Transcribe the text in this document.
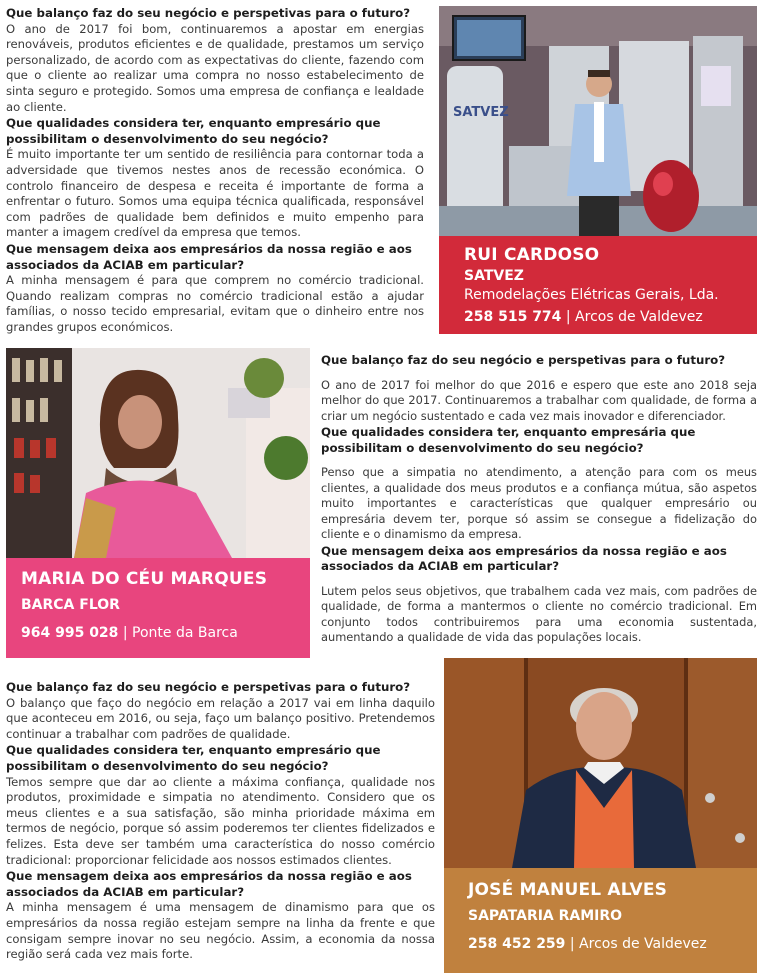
Que balanço faz do seu negócio e perspetivas para o futuro?

O ano de 2017 foi bom, continuaremos a apostar em energias renováveis, produtos eficientes e de qualidade, prestamos um serviço personalizado, de acordo com as expectativas do cliente, fazendo com que o cliente ao realizar uma compra no nosso estabelecimento de sinta seguro e protegido. Somos uma empresa de confiança e lealdade ao cliente.

Que qualidades considera ter, enquanto empresário que possibilitam o desenvolvimento do seu negócio?

É muito importante ter um sentido de resiliência para contornar toda a adversidade que tivemos nestes anos de recessão económica. O controlo financeiro de despesa e receita é importante de forma a enfrentar o futuro. Somos uma equipa técnica qualificada, responsável com padrões de qualidade bem definidos e muito empenho para manter a imagem credível da empresa que temos.

Que mensagem deixa aos empresários da nossa região e aos associados da ACIAB em particular?

A minha mensagem é para que comprem no comércio tradicional. Quando realizam compras no comércio tradicional estão a ajudar famílias, o nosso tecido empresarial, evitam que o dinheiro entre nos grandes grupos económicos.

SATVEZ
RUI CARDOSO
SATVEZ
Remodelações Elétricas Gerais, Lda.
258 515 774 | Arcos de Valdevez
MARIA DO CÉU MARQUES
BARCA FLOR
964 995 028 | Ponte da Barca
Que balanço faz do seu negócio e perspetivas para o futuro?

O ano de 2017 foi melhor do que 2016 e espero que este ano 2018 seja melhor do que 2017. Continuaremos a trabalhar com qualidade, de forma a criar um negócio sustentado e cada vez mais inovador e diferenciador.

Que qualidades considera ter, enquanto empresária que possibilitam o desenvolvimento do seu negócio?

Penso que a simpatia no atendimento, a atenção para com os meus clientes, a qualidade dos meus produtos e a confiança mútua, são aspetos muito importantes e características que qualquer empresário ou empresária devem ter, porque só assim se consegue a fidelização do cliente e o dinamismo da empresa.

Que mensagem deixa aos empresários da nossa região e aos associados da ACIAB em particular?

Lutem pelos seus objetivos, que trabalhem cada vez mais, com padrões de qualidade, de forma a mantermos o cliente no comércio tradicional. Em conjunto todos contribuiremos para uma economia sustentada, aumentando a qualidade de vida das populações locais.

Que balanço faz do seu negócio e perspetivas para o futuro?

O balanço que faço do negócio em relação a 2017 vai em linha daquilo que aconteceu em 2016, ou seja, faço um balanço positivo. Pretendemos continuar a trabalhar com padrões de qualidade.

Que qualidades considera ter, enquanto empresário que possibilitam o desenvolvimento do seu negócio?

Temos sempre que dar ao cliente a máxima confiança, qualidade nos produtos, proximidade e simpatia no atendimento. Considero que os meus clientes e a sua satisfação, são minha prioridade máxima em termos de negócio, porque só assim poderemos ter clientes fidelizados e felizes. Esta deve ser também uma característica do nosso comércio tradicional: proporcionar felicidade aos nossos estimados clientes.

Que mensagem deixa aos empresários da nossa região e aos associados da ACIAB em particular?

A minha mensagem é uma mensagem de dinamismo para que os empresários da nossa região estejam sempre na linha da frente e que consigam sempre inovar no seu negócio. Assim, a economia da nossa região será cada vez mais forte.

JOSÉ MANUEL ALVES
SAPATARIA RAMIRO
258 452 259 | Arcos de Valdevez
